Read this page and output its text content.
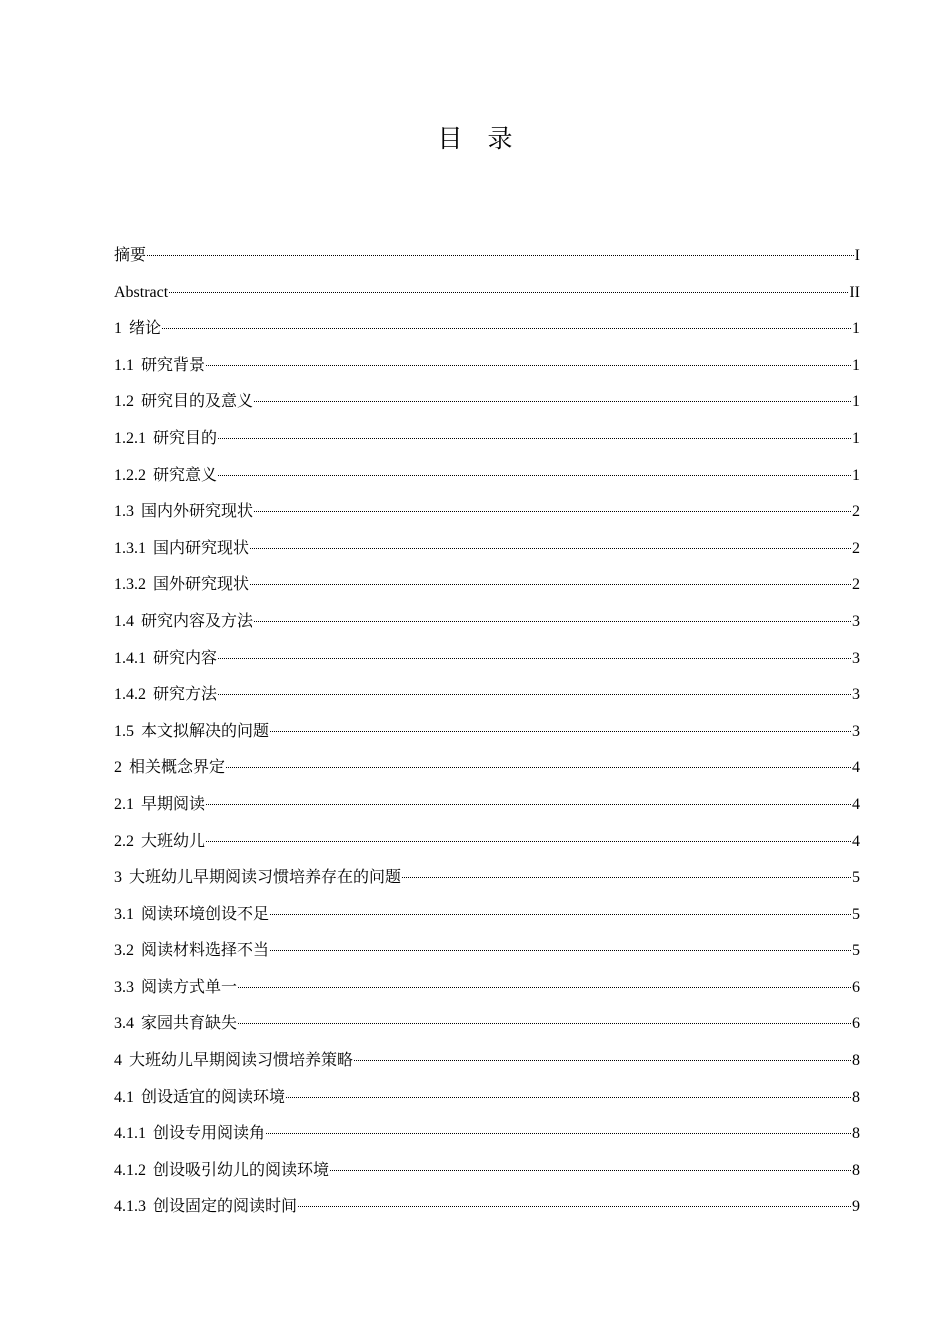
目　录
摘要	I
Abstract	II
1 绪论	1
1.1 研究背景	1
1.2 研究目的及意义	1
1.2.1 研究目的	1
1.2.2 研究意义	1
1.3 国内外研究现状	2
1.3.1 国内研究现状	2
1.3.2 国外研究现状	2
1.4 研究内容及方法	3
1.4.1 研究内容	3
1.4.2 研究方法	3
1.5 本文拟解决的问题	3
2 相关概念界定	4
2.1 早期阅读	4
2.2 大班幼儿	4
3 大班幼儿早期阅读习惯培养存在的问题	5
3.1 阅读环境创设不足	5
3.2 阅读材料选择不当	5
3.3 阅读方式单一	6
3.4 家园共育缺失	6
4 大班幼儿早期阅读习惯培养策略	8
4.1 创设适宜的阅读环境	8
4.1.1 创设专用阅读角	8
4.1.2 创设吸引幼儿的阅读环境	8
4.1.3 创设固定的阅读时间	9
